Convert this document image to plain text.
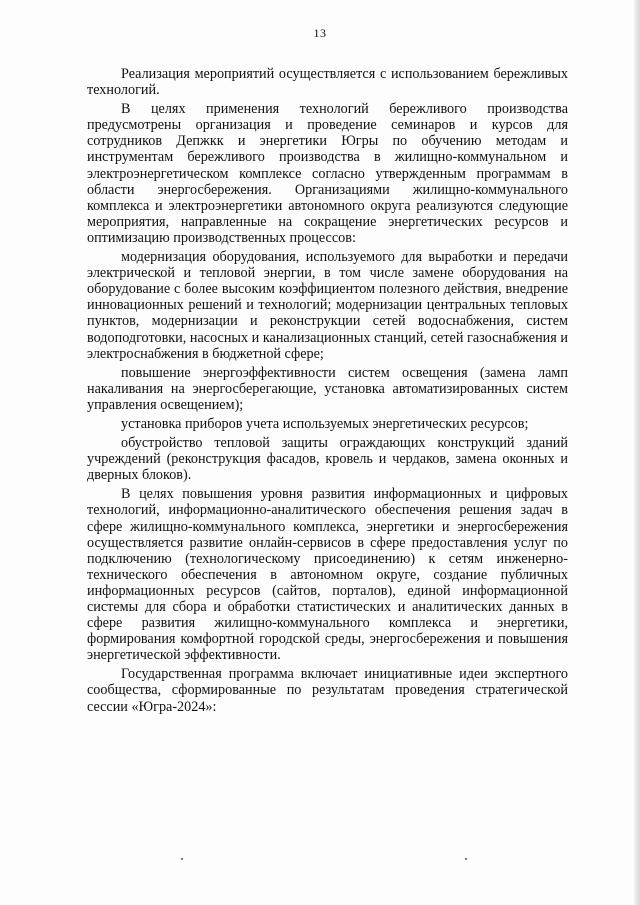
13

Реализация мероприятий осуществляется с использованием бережливых технологий.

В целях применения технологий бережливого производства предусмотрены организация и проведение семинаров и курсов для сотрудников Депжкк и энергетики Югры по обучению методам и инструментам бережливого производства в жилищно-коммунальном и электроэнергетическом комплексе согласно утвержденным программам в области энергосбережения. Организациями жилищно-коммунального комплекса и электроэнергетики автономного округа реализуются следующие мероприятия, направленные на сокращение энергетических ресурсов и оптимизацию производственных процессов:

модернизация оборудования, используемого для выработки и передачи электрической и тепловой энергии, в том числе замене оборудования на оборудование с более высоким коэффициентом полезного действия, внедрение инновационных решений и технологий; модернизации центральных тепловых пунктов, модернизации и реконструкции сетей водоснабжения, систем водоподготовки, насосных и канализационных станций, сетей газоснабжения и электроснабжения в бюджетной сфере;

повышение энергоэффективности систем освещения (замена ламп накаливания на энергосберегающие, установка автоматизированных систем управления освещением);

установка приборов учета используемых энергетических ресурсов;

обустройство тепловой защиты ограждающих конструкций зданий учреждений (реконструкция фасадов, кровель и чердаков, замена оконных и дверных блоков).

В целях повышения уровня развития информационных и цифровых технологий, информационно-аналитического обеспечения решения задач в сфере жилищно-коммунального комплекса, энергетики и энергосбережения осуществляется развитие онлайн-сервисов в сфере предоставления услуг по подключению (технологическому присоединению) к сетям инженерно-технического обеспечения в автономном округе, создание публичных информационных ресурсов (сайтов, порталов), единой информационной системы для сбора и обработки статистических и аналитических данных в сфере развития жилищно-коммунального комплекса и энергетики, формирования комфортной городской среды, энергосбережения и повышения энергетической эффективности.

Государственная программа включает инициативные идеи экспертного сообщества, сформированные по результатам проведения стратегической сессии «Югра-2024»:
